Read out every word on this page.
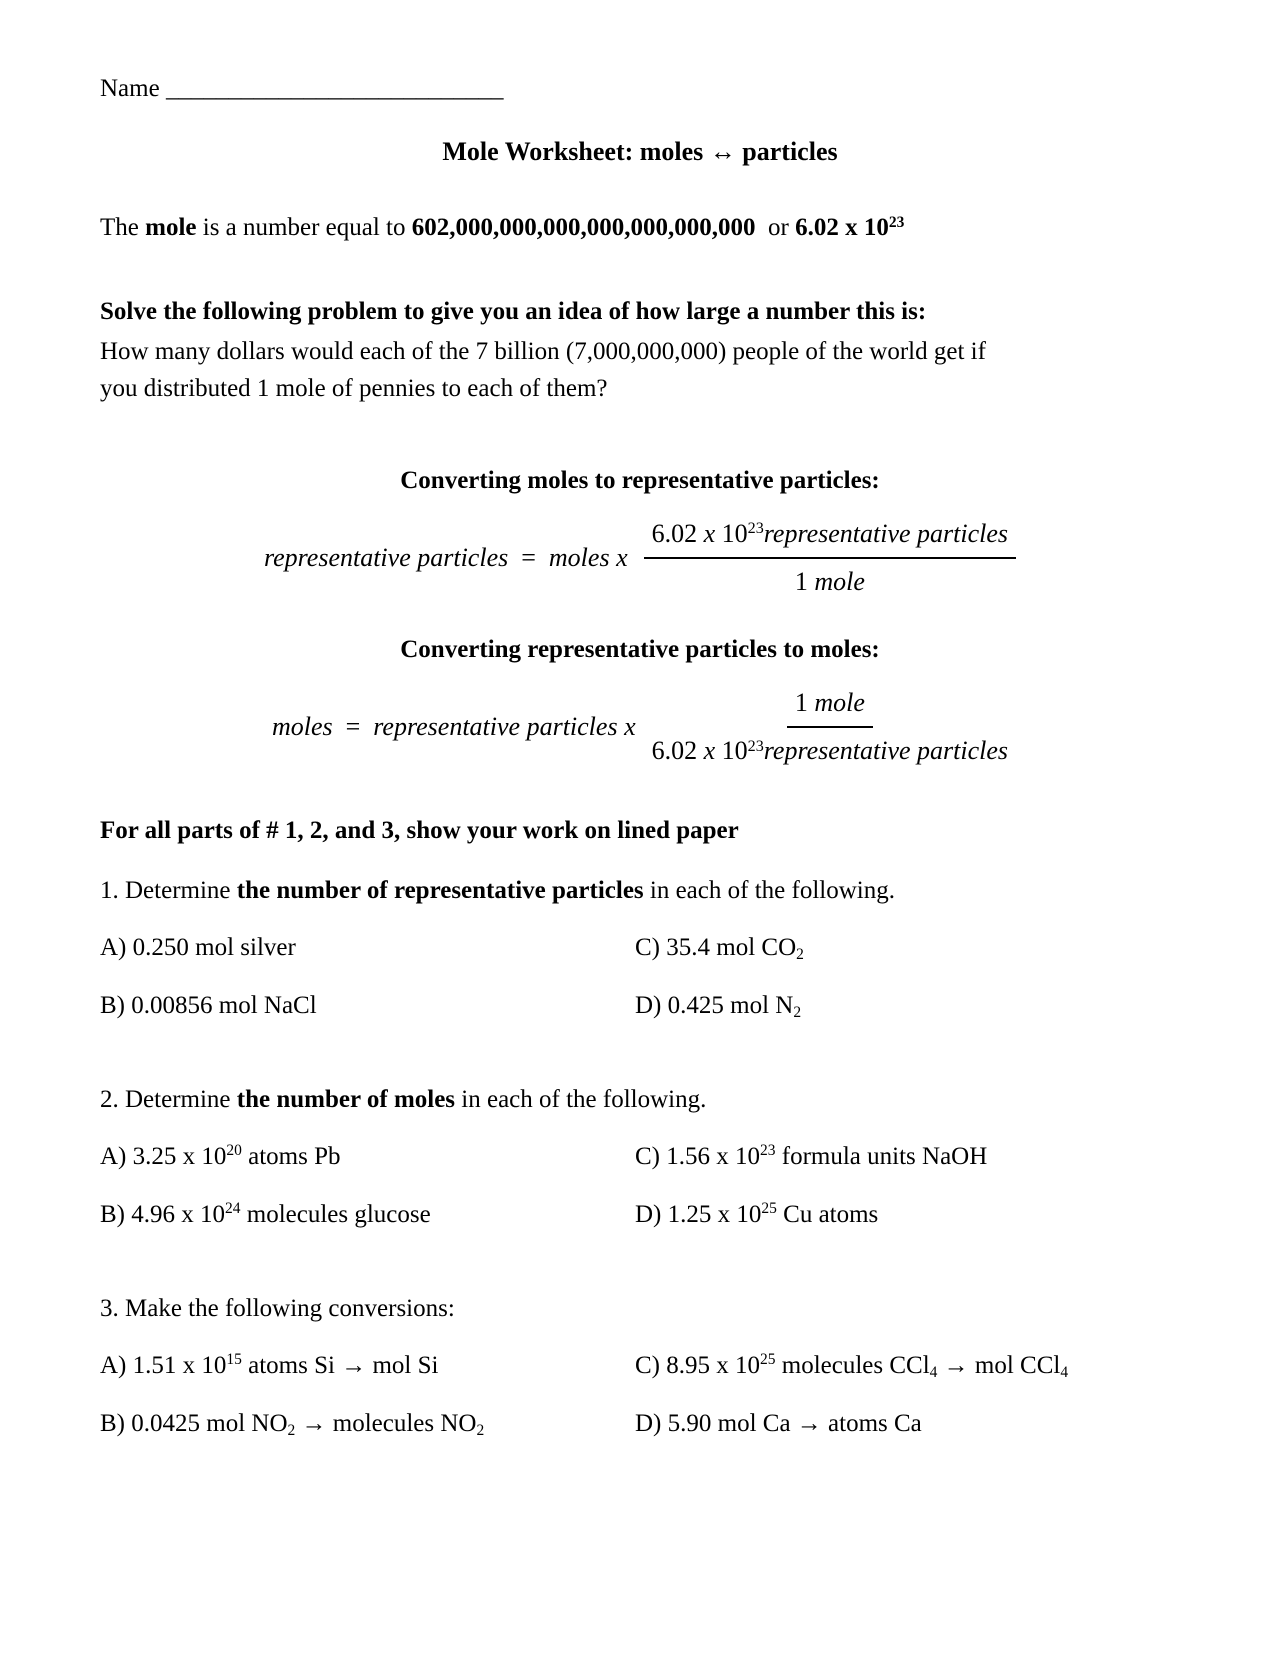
Name ___________________________
Mole Worksheet: moles ↔ particles

The mole is a number equal to 602,000,000,000,000,000,000,000  or 6.02 x $10^{23}$

Solve the following problem to give you an idea of how large a number this is:

How many dollars would each of the 7 billion (7,000,000,000) people of the world get if
you distributed 1 mole of pennies to each of them?

Converting moles to representative particles:
representative particles  =  moles x $\frac{6.02 x 10^{23}representative particles}{\text{1 mole}}$
Converting representative particles to moles:
moles  =  representative particles x $\frac{\text{1 mole}}{6.02 x 10^{23}representative particles}$

For all parts of # 1, 2, and 3, show your work on lined paper

1. Determine the number of representative particles in each of the following.

A) 0.250 mol silver	C) 35.4 mol CO2
B) 0.00856 mol NaCl	D) 0.425 mol N2

2. Determine the number of moles in each of the following.

A) 3.25 x $10^{20}$ atoms Pb	C) 1.56 x $10^{23}$ formula units NaOH
B) 4.96 x $10^{24}$ molecules glucose	D) 1.25 x $10^{25}$ Cu atoms

3. Make the following conversions:

A) 1.51 x $10^{15}$ atoms Si → mol Si	C) 8.95 x $10^{25}$ molecules CCl4 → mol CCl4
B) 0.0425 mol NO2 → molecules NO2	D) 5.90 mol Ca → atoms Ca
